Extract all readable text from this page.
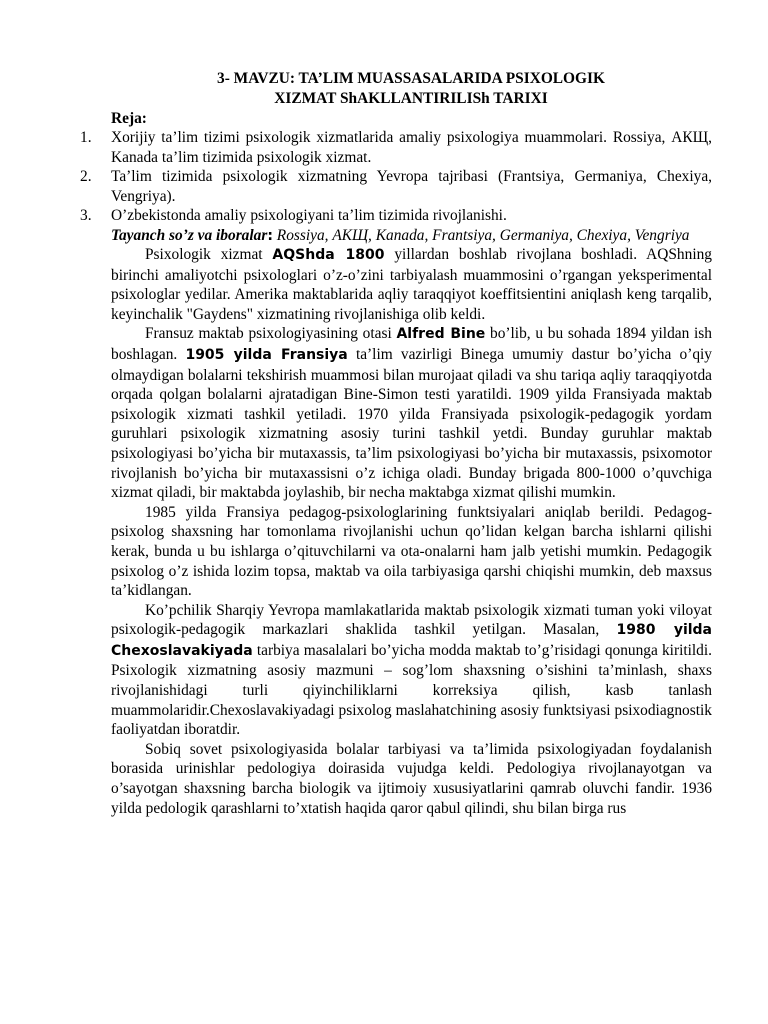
3- MAVZU: TA’LIM MUASSASALARIDA PSIXOLOGIK
XIZMAT ShAKLLANTIRILISh TARIXI
Reja:
1. Xorijiy ta’lim tizimi psixologik xizmatlarida amaliy psixologiya muammolari. Rossiya, АКЩ, Kanada ta’lim tizimida psixologik xizmat.
2. Ta’lim tizimida psixologik xizmatning Yevropa tajribasi (Frantsiya, Germaniya, Chexiya, Vengriya).
3. O’zbekistonda amaliy psixologiyani ta’lim tizimida rivojlanishi.
Tayanch so’z va iboralar: Rossiya, АКЩ, Kanada, Frantsiya, Germaniya, Chexiya, Vengriya

Psixologik xizmat AQShda 1800 yillardan boshlab rivojlana boshladi. AQShning birinchi amaliyotchi psixologlari o’z-o’zini tarbiyalash muammosini o’rgangan yeksperimental psixologlar yedilar. Amerika maktablarida aqliy taraqqiyot koeffitsientini aniqlash keng tarqalib, keyinchalik "Gaydens" xizmatining rivojlanishiga olib keldi.

Fransuz maktab psixologiyasining otasi Alfred Bine bo’lib, u bu sohada 1894 yildan ish boshlagan. 1905 yilda Fransiya ta’lim vazirligi Binega umumiy dastur bo’yicha o’qiy olmaydigan bolalarni tekshirish muammosi bilan murojaat qiladi va shu tariqa aqliy taraqqiyotda orqada qolgan bolalarni ajratadigan Bine-Simon testi yaratildi. 1909 yilda Fransiyada maktab psixologik xizmati tashkil yetiladi. 1970 yilda Fransiyada psixologik-pedagogik yordam guruhlari psixologik xizmatning asosiy turini tashkil yetdi. Bunday guruhlar maktab psixologiyasi bo’yicha bir mutaxassis, ta’lim psixologiyasi bo’yicha bir mutaxassis, psixomotor rivojlanish bo’yicha bir mutaxassisni o’z ichiga oladi. Bunday brigada 800-1000 o’quvchiga xizmat qiladi, bir maktabda joylashib, bir necha maktabga xizmat qilishi mumkin.

1985 yilda Fransiya pedagog-psixologlarining funktsiyalari aniqlab berildi. Pedagog-psixolog shaxsning har tomonlama rivojlanishi uchun qo’lidan kelgan barcha ishlarni qilishi kerak, bunda u bu ishlarga o’qituvchilarni va ota-onalarni ham jalb yetishi mumkin. Pedagogik psixolog o’z ishida lozim topsa, maktab va oila tarbiyasiga qarshi chiqishi mumkin, deb maxsus ta’kidlangan.

Ko’pchilik Sharqiy Yevropa mamlakatlarida maktab psixologik xizmati tuman yoki viloyat psixologik-pedagogik markazlari shaklida tashkil yetilgan. Masalan, 1980 yilda Chexoslavakiyada tarbiya masalalari bo’yicha modda maktab to’g’risidagi qonunga kiritildi. Psixologik xizmatning asosiy mazmuni – sog’lom shaxsning o’sishini ta’minlash, shaxs rivojlanishidagi turli qiyinchiliklarni korreksiya qilish, kasb tanlash muammolaridir.Chexoslavakiyadagi psixolog maslahatchining asosiy funktsiyasi psixodiagnostik faoliyatdan iboratdir.

Sobiq sovet psixologiyasida bolalar tarbiyasi va ta’limida psixologiyadan foydalanish borasida urinishlar pedologiya doirasida vujudga keldi. Pedologiya rivojlanayotgan va o’sayotgan shaxsning barcha biologik va ijtimoiy xususiyatlarini qamrab oluvchi fandir. 1936 yilda pedologik qarashlarni to’xtatish haqida qaror qabul qilindi, shu bilan birga rus
